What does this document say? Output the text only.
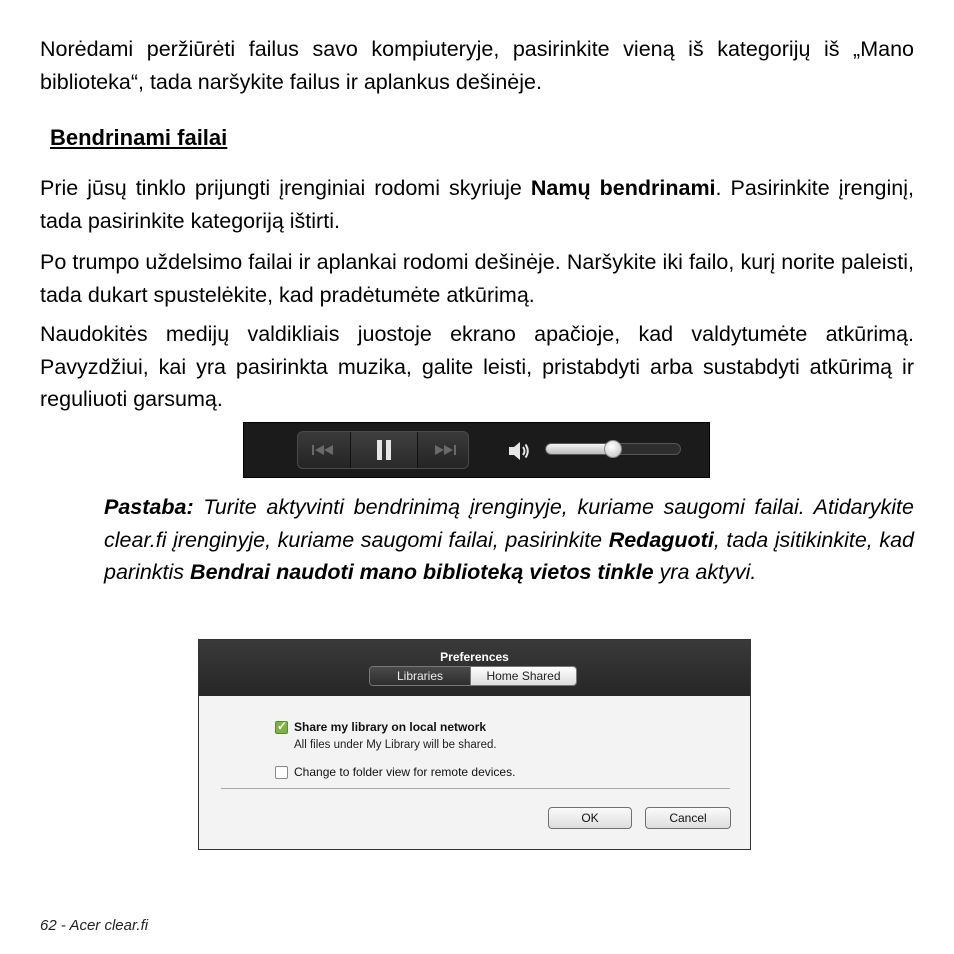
Norėdami peržiūrėti failus savo kompiuteryje, pasirinkite vieną iš kategorijų iš „Mano biblioteka“, tada naršykite failus ir aplankus dešinėje.

Bendrinami failai

Prie jūsų tinklo prijungti įrenginiai rodomi skyriuje Namų bendrinami. Pasirinkite įrenginį, tada pasirinkite kategoriją ištirti.

Po trumpo uždelsimo failai ir aplankai rodomi dešinėje. Naršykite iki failo, kurį norite paleisti, tada dukart spustelėkite, kad pradėtumėte atkūrimą.

Naudokitės medijų valdikliais juostoje ekrano apačioje, kad valdytumėte atkūrimą. Pavyzdžiui, kai yra pasirinkta muzika, galite leisti, pristabdyti arba sustabdyti atkūrimą ir reguliuoti garsumą.

Pastaba: Turite aktyvinti bendrinimą įrenginyje, kuriame saugomi failai. Atidarykite clear.fi įrenginyje, kuriame saugomi failai, pasirinkite Redaguoti, tada įsitikinkite, kad parinktis Bendrai naudoti mano biblioteką vietos tinkle yra aktyvi.

Preferences
Libraries	Home Shared
✓
Share my library on local network
All files under My Library will be shared.
Change to folder view for remote devices.
OK	Cancel
62 - Acer clear.fi
